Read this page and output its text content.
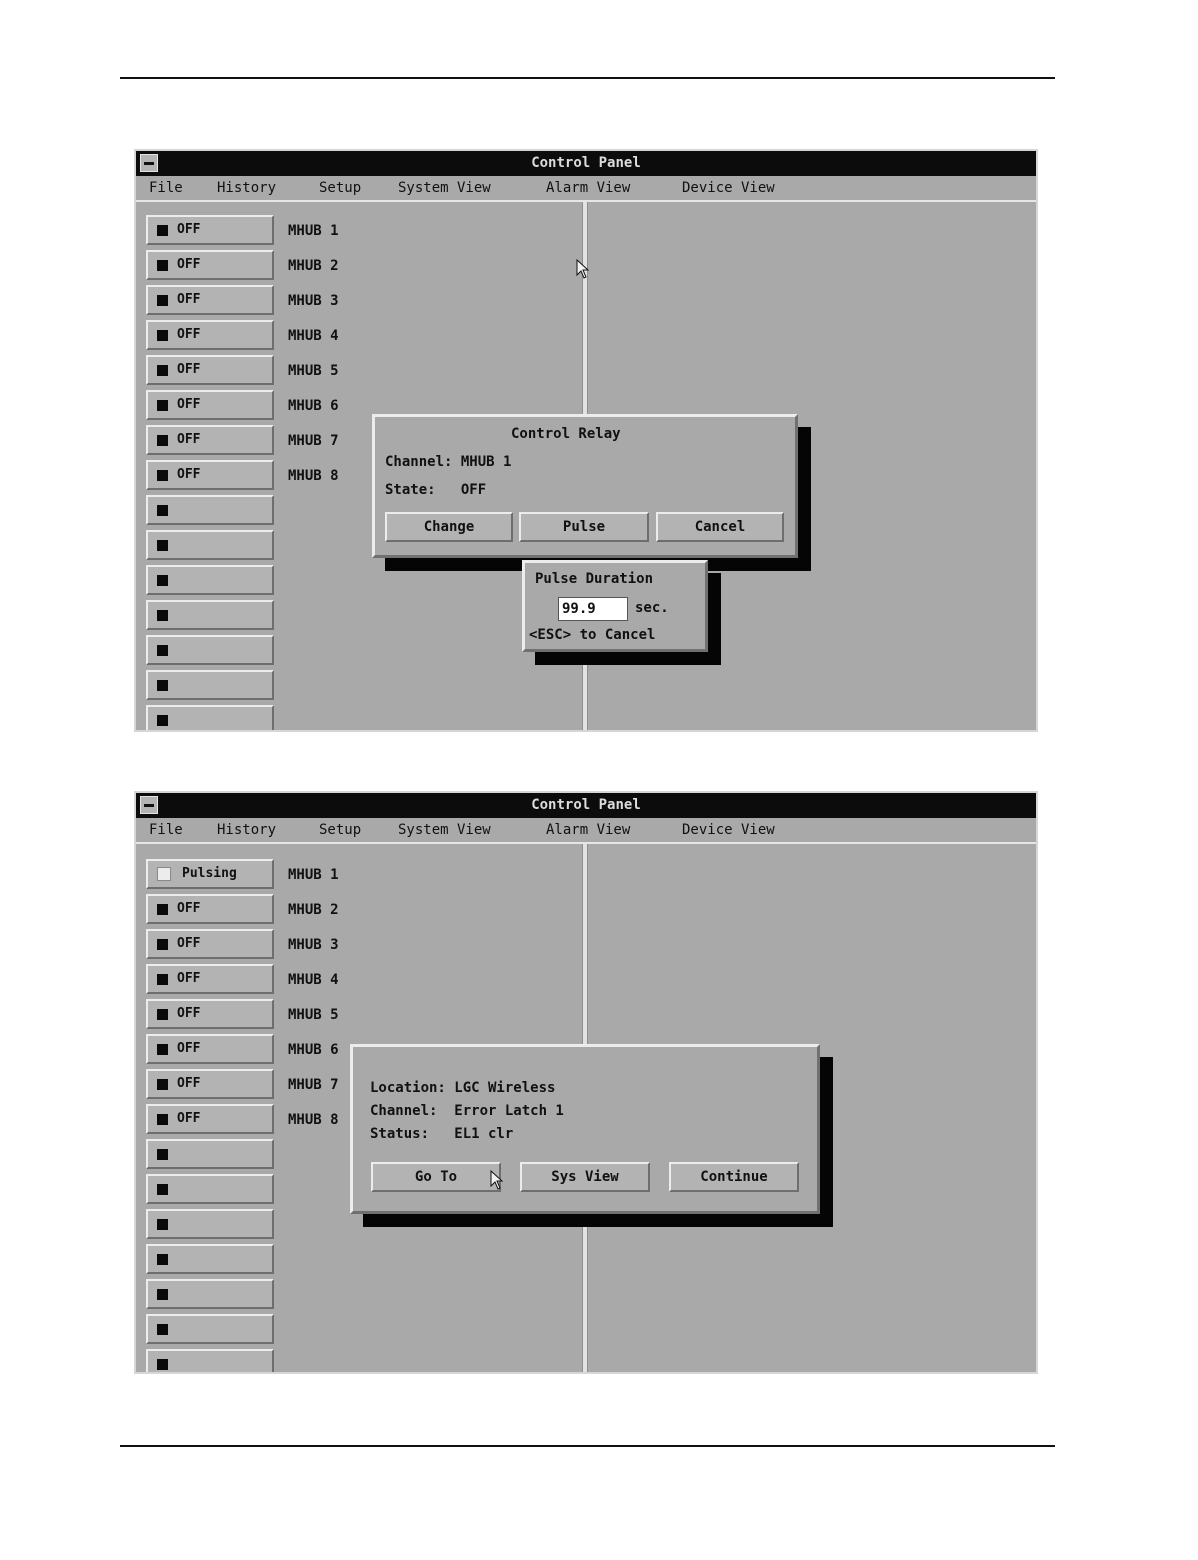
Control Panel
File History	Setup	System View	Alarm View	Device View
OFF	MHUB 1
OFF	MHUB 2
OFF	MHUB 3
OFF	MHUB 4
OFF	MHUB 5
OFF	MHUB 6
OFF	MHUB 7
OFF	MHUB 8
Control Relay
Channel: MHUB 1
State:   OFF
Change	Pulse	Cancel
Pulse Duration
99.9
sec.
<ESC> to Cancel
Control Panel
File History	Setup	System View	Alarm View	Device View
Pulsing	MHUB 1
OFF	MHUB 2
OFF	MHUB 3
OFF	MHUB 4
OFF	MHUB 5
OFF	MHUB 6
OFF	MHUB 7
OFF	MHUB 8
Location: LGC Wireless
Channel:  Error Latch 1
Status:   EL1 clr
Go To	Sys View	Continue
